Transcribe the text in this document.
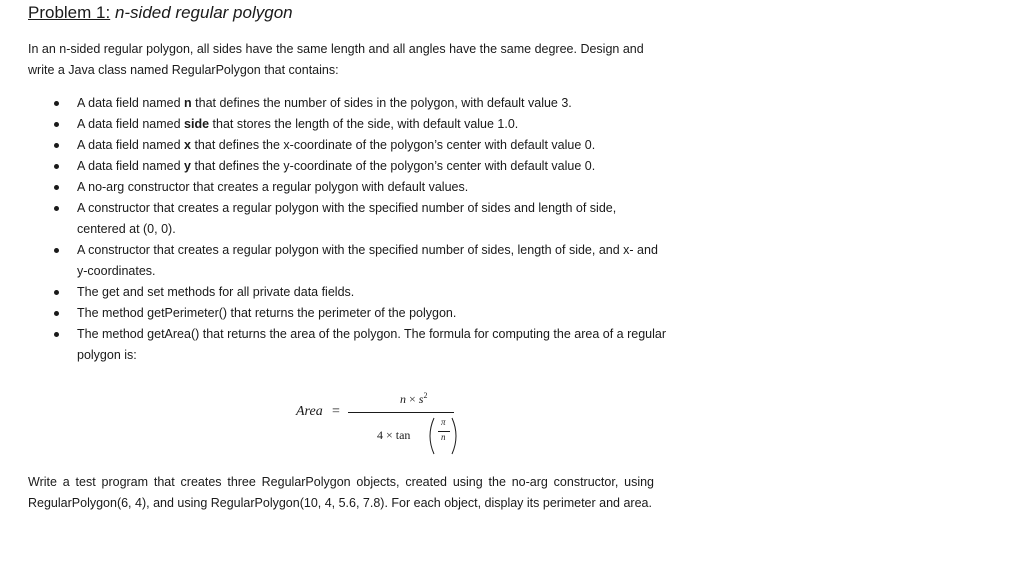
Problem 1: n-sided regular polygon

In an n-sided regular polygon, all sides have the same length and all angles have the same degree. Design and write a Java class named RegularPolygon that contains:

A data field named n that defines the number of sides in the polygon, with default value 3.
A data field named side that stores the length of the side, with default value 1.0.
A data field named x that defines the x-coordinate of the polygon’s center with default value 0.
A data field named y that defines the y-coordinate of the polygon’s center with default value 0.
A no-arg constructor that creates a regular polygon with default values.
A constructor that creates a regular polygon with the specified number of sides and length of side, centered at (0, 0).
A constructor that creates a regular polygon with the specified number of sides, length of side, and x- and y-coordinates.
The get and set methods for all private data fields.
The method getPerimeter() that returns the perimeter of the polygon.
The method getArea() that returns the area of the polygon. The formula for computing the area of a regular polygon is:
Area =
$n \times s^2$
4 × tan
π
n

Write a test program that creates three RegularPolygon objects, created using the no-arg constructor, using RegularPolygon(6, 4), and using RegularPolygon(10, 4, 5.6, 7.8). For each object, display its perimeter and area.
